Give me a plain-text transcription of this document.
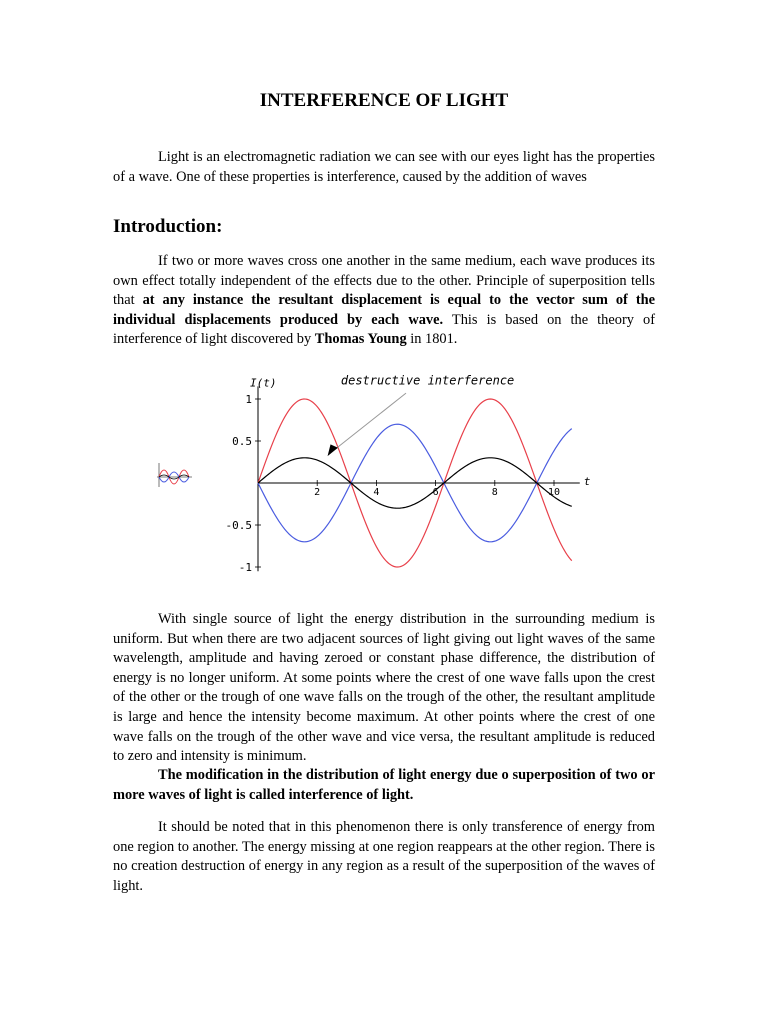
INTERFERENCE OF LIGHT

Light is an electromagnetic radiation we can see with our eyes light has the properties of a wave. One of these properties is interference, caused by the addition of waves

Introduction:

If two or more waves cross one another in the same medium, each wave produces its own effect totally independent of the effects due to the other. Principle of superposition tells that at any instance the resultant displacement is equal to the vector sum of the individual displacements produced by each wave. This is based on the theory of interference of light discovered by Thomas Young in 1801.

2	4	6	8	10
1
0.5
-0.5
-1
I(t)
t
destructive interference

With single source of light the energy distribution in the surrounding medium is uniform. But when there are two adjacent sources of light giving out light waves of the same wavelength, amplitude and having zeroed or constant phase difference, the distribution of energy is no longer uniform. At some points where the crest of one wave falls upon the crest of the other or the trough of one wave falls on the trough of the other, the resultant amplitude is large and hence the intensity become maximum. At other points where the crest of one wave falls on the trough of the other wave and vice versa, the resultant amplitude is reduced to zero and intensity is minimum.

The modification in the distribution of light energy due o superposition of two or more waves of light is called interference of light.

It should be noted that in this phenomenon there is only transference of energy from one region to another. The energy missing at one region reappears at the other region. There is no creation destruction of energy in any region as a result of the superposition of the waves of light.
